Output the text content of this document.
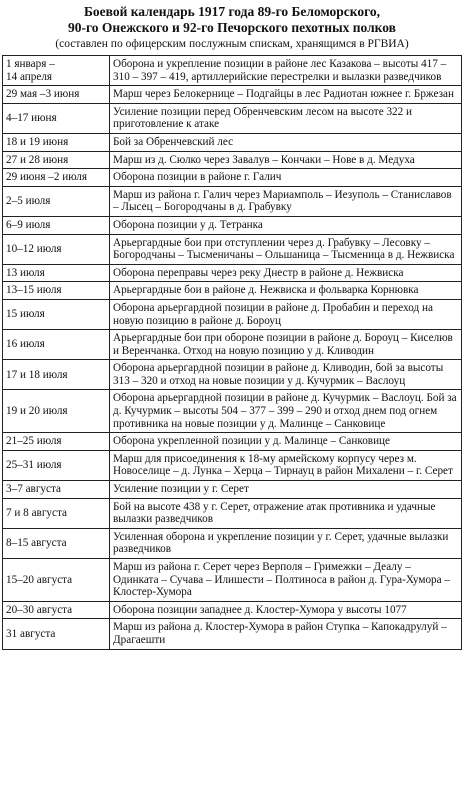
Боевой календарь 1917 года 89-го Беломорского,
90-го Онежского и 92-го Печорского пехотных полков
(составлен по офицерским послужным спискам, хранящимся в РГВИА)
1 января –
14 апреля	Оборона и укрепление позиции в районе лес Казакова – высоты 417 – 310 – 397 – 419, артиллерийские перестрелки и вылазки разведчиков
29 мая –3 июня	Марш через Белокернице – Подгайцы в лес Радиотан южнее г. Бржезан
4–17 июня	Усиление позиции перед Обренчевским лесом на высоте 322 и приготовление к атаке
18 и 19 июня	Бой за Обренчевский лес
27 и 28 июня	Марш из д. Сюлко через Завалув – Кончаки – Нове в д. Медуха
29 июня –2 июля	Оборона позиции в районе г. Галич
2–5 июля	Марш из района г. Галич через Мариамполь – Иезуполь – Станиславов – Лысец – Богородчаны в д. Грабувку
6–9 июля	Оборона позиции у д. Тетранка
10–12 июля	Арьергардные бои при отступлении через д. Грабувку – Лесовку – Богородчаны – Тысменичаны – Ольшаница – Тысменица в д. Нежвиска
13 июля	Оборона переправы через реку Днестр в районе д. Нежвиска
13–15 июля	Арьергардные бои в районе д. Нежвиска и фольварка Корнювка
15 июля	Оборона арьергардной позиции в районе д. Пробабин и переход на новую позицию в районе д. Бороуц
16 июля	Арьергардные бои при обороне позиции в районе д. Бороуц – Киселюв и Веренчанка. Отход на новую позицию у д. Кливодин
17 и 18 июля	Оборона арьергардной позиции в районе д. Кливодин, бой за высоты 313 – 320 и отход на новые позиции у д. Кучурмик – Васлоуц
19 и 20 июля	Оборона арьергардной позиции в районе д. Кучурмик – Васлоуц. Бой за д. Кучурмик – высоты 504 – 377 – 399 – 290 и отход днем под огнем противника на новые позиции у д. Малинце – Санковице
21–25 июля	Оборона укрепленной позиции у д. Малинце – Санковице
25–31 июля	Марш для присоединения к 18-му армейскому корпусу через м. Новоселице – д. Лунка – Херца – Тирнауц в район Михалени – г. Серет
3–7 августа	Усиление позиции у г. Серет
7 и 8 августа	Бой на высоте 438 у г. Серет, отражение атак противника и удачные вылазки разведчиков
8–15 августа	Усиленная оборона и укрепление позиции у г. Серет, удачные вылазки разведчиков
15–20 августа	Марш из района г. Серет через Верполя – Гримежки – Деалу – Одинката – Сучава – Илишести – Полтиноса в район д. Гура-Хумора – Клостер-Хумора
20–30 августа	Оборона позиции западнее д. Клостер-Хумора у высоты 1077
31 августа	Марш из района д. Клостер-Хумора в район Ступка – Капокадрулуй – Драгаешти
